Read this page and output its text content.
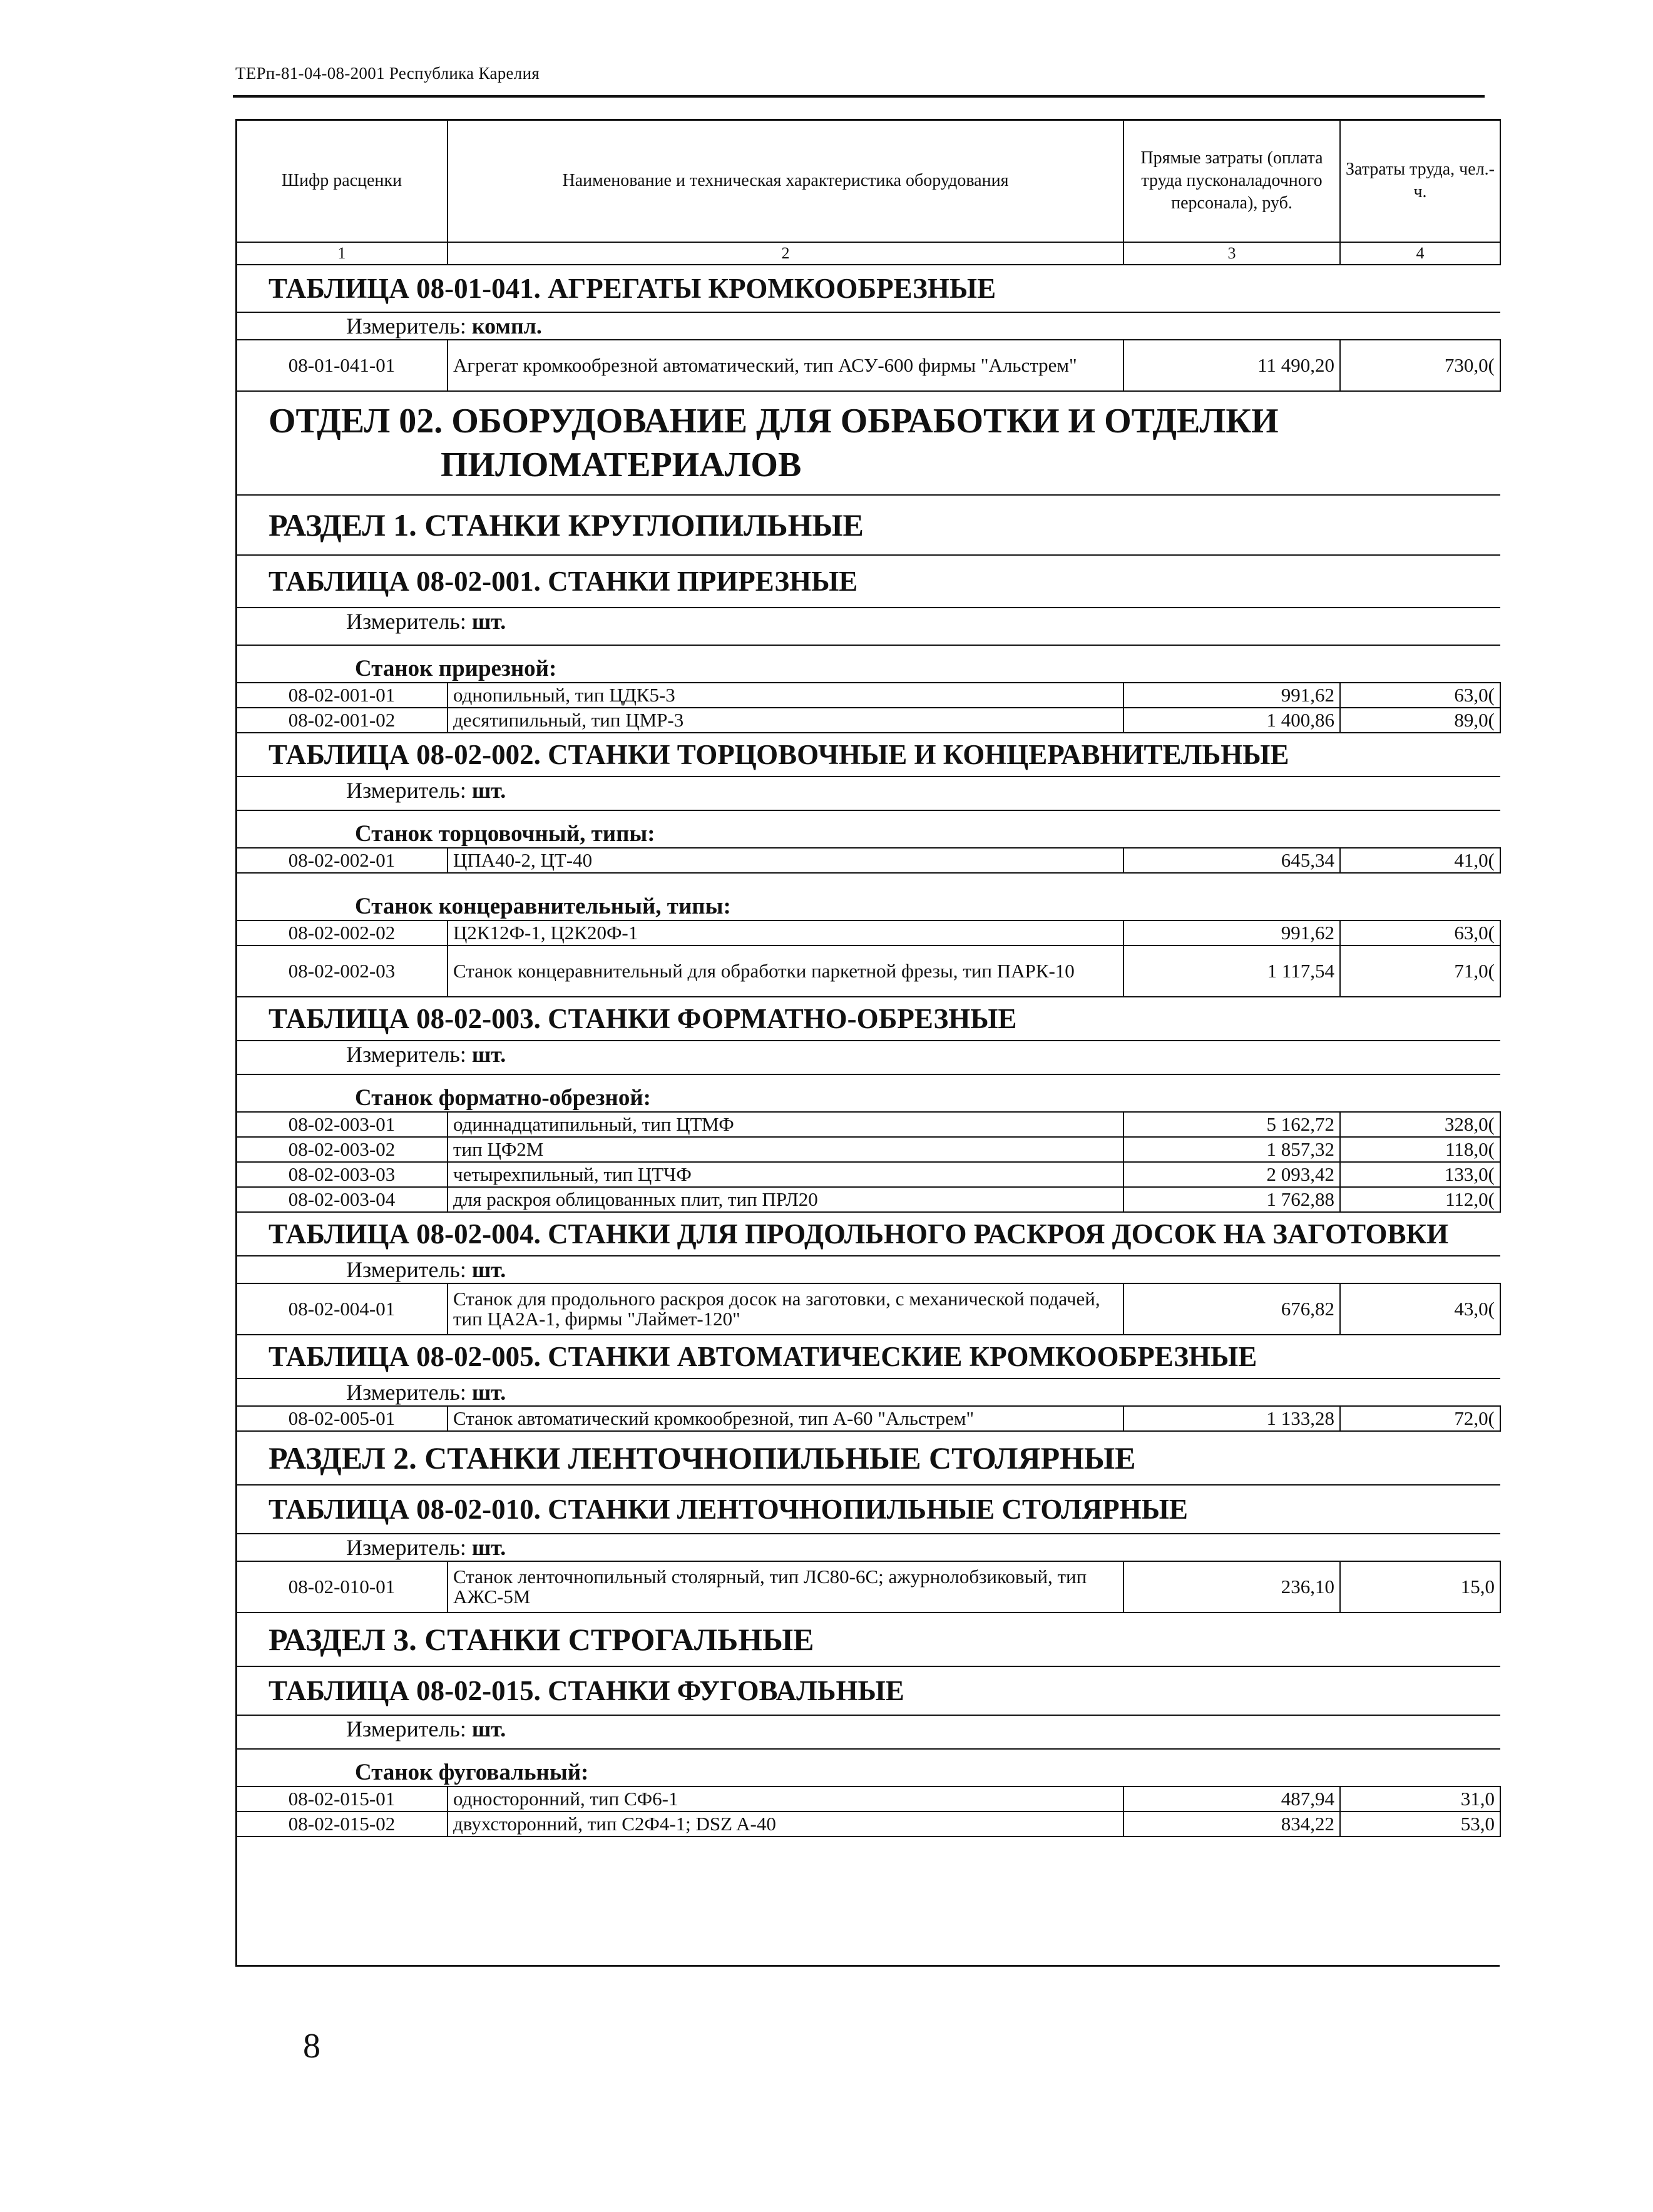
ТЕРп-81-04-08-2001 Республика Карелия
Шифр расценки	Наименование и техническая характеристика оборудования	Прямые затраты (оплата труда пусконаладочного персонала), руб.	Затраты труда, чел.-ч.
1	2	3	4
ТАБЛИЦА 08-01-041. АГРЕГАТЫ КРОМКООБРЕЗНЫЕ			
Измеритель: компл.			
08-01-041-01	Агрегат кромкообрезной автоматический, тип АСУ-600 фирмы "Альстрем"	11 490,20	730,0(

ОТДЕЛ 02. ОБОРУДОВАНИЕ ДЛЯ ОБРАБОТКИ И ОТДЕЛКИ
ПИЛОМАТЕРИАЛОВ			

РАЗДЕЛ 1. СТАНКИ КРУГЛОПИЛЬНЫЕ			
ТАБЛИЦА 08-02-001. СТАНКИ ПРИРЕЗНЫЕ			
Измеритель: шт.			
Станок прирезной:			
08-02-001-01	однопильный, тип ЦДК5-3	991,62	63,0(
08-02-001-02	десятипильный, тип ЦМР-3	1 400,86	89,0(
ТАБЛИЦА 08-02-002. СТАНКИ ТОРЦОВОЧНЫЕ И КОНЦЕРАВНИТЕЛЬНЫЕ			
Измеритель: шт.			
Станок торцовочный, типы:			
08-02-002-01	ЦПА40-2, ЦТ-40	645,34	41,0(
Станок концеравнительный, типы:			
08-02-002-02	Ц2К12Ф-1, Ц2К20Ф-1	991,62	63,0(
08-02-002-03	Станок концеравнительный для обработки паркетной фрезы, тип ПАРК-10	1 117,54	71,0(
ТАБЛИЦА 08-02-003. СТАНКИ ФОРМАТНО-ОБРЕЗНЫЕ			
Измеритель: шт.			
Станок форматно-обрезной:			
08-02-003-01	одиннадцатипильный, тип ЦТМФ	5 162,72	328,0(
08-02-003-02	тип ЦФ2М	1 857,32	118,0(
08-02-003-03	четырехпильный, тип ЦТЧФ	2 093,42	133,0(
08-02-003-04	для раскроя облицованных плит, тип ПРЛ20	1 762,88	112,0(
ТАБЛИЦА 08-02-004. СТАНКИ ДЛЯ ПРОДОЛЬНОГО РАСКРОЯ ДОСОК НА ЗАГОТОВКИ			
Измеритель: шт.			
08-02-004-01	Станок для продольного раскроя досок на заготовки, с механической подачей, тип ЦА2А-1, фирмы "Лаймет-120"	676,82	43,0(
ТАБЛИЦА 08-02-005. СТАНКИ АВТОМАТИЧЕСКИЕ КРОМКООБРЕЗНЫЕ			
Измеритель: шт.			
08-02-005-01	Станок автоматический кромкообрезной, тип А-60 "Альстрем"	1 133,28	72,0(
РАЗДЕЛ 2. СТАНКИ ЛЕНТОЧНОПИЛЬНЫЕ СТОЛЯРНЫЕ			
ТАБЛИЦА 08-02-010. СТАНКИ ЛЕНТОЧНОПИЛЬНЫЕ СТОЛЯРНЫЕ			
Измеритель: шт.			
08-02-010-01	Станок ленточнопильный столярный, тип ЛС80-6С; ажурнолобзиковый, тип АЖС-5М	236,10	15,0
РАЗДЕЛ 3. СТАНКИ СТРОГАЛЬНЫЕ			
ТАБЛИЦА 08-02-015. СТАНКИ ФУГОВАЛЬНЫЕ			
Измеритель: шт.			
Станок фуговальный:			
08-02-015-01	односторонний, тип СФ6-1	487,94	31,0
08-02-015-02	двухсторонний, тип С2Ф4-1; DSZ A-40	834,22	53,0
8
